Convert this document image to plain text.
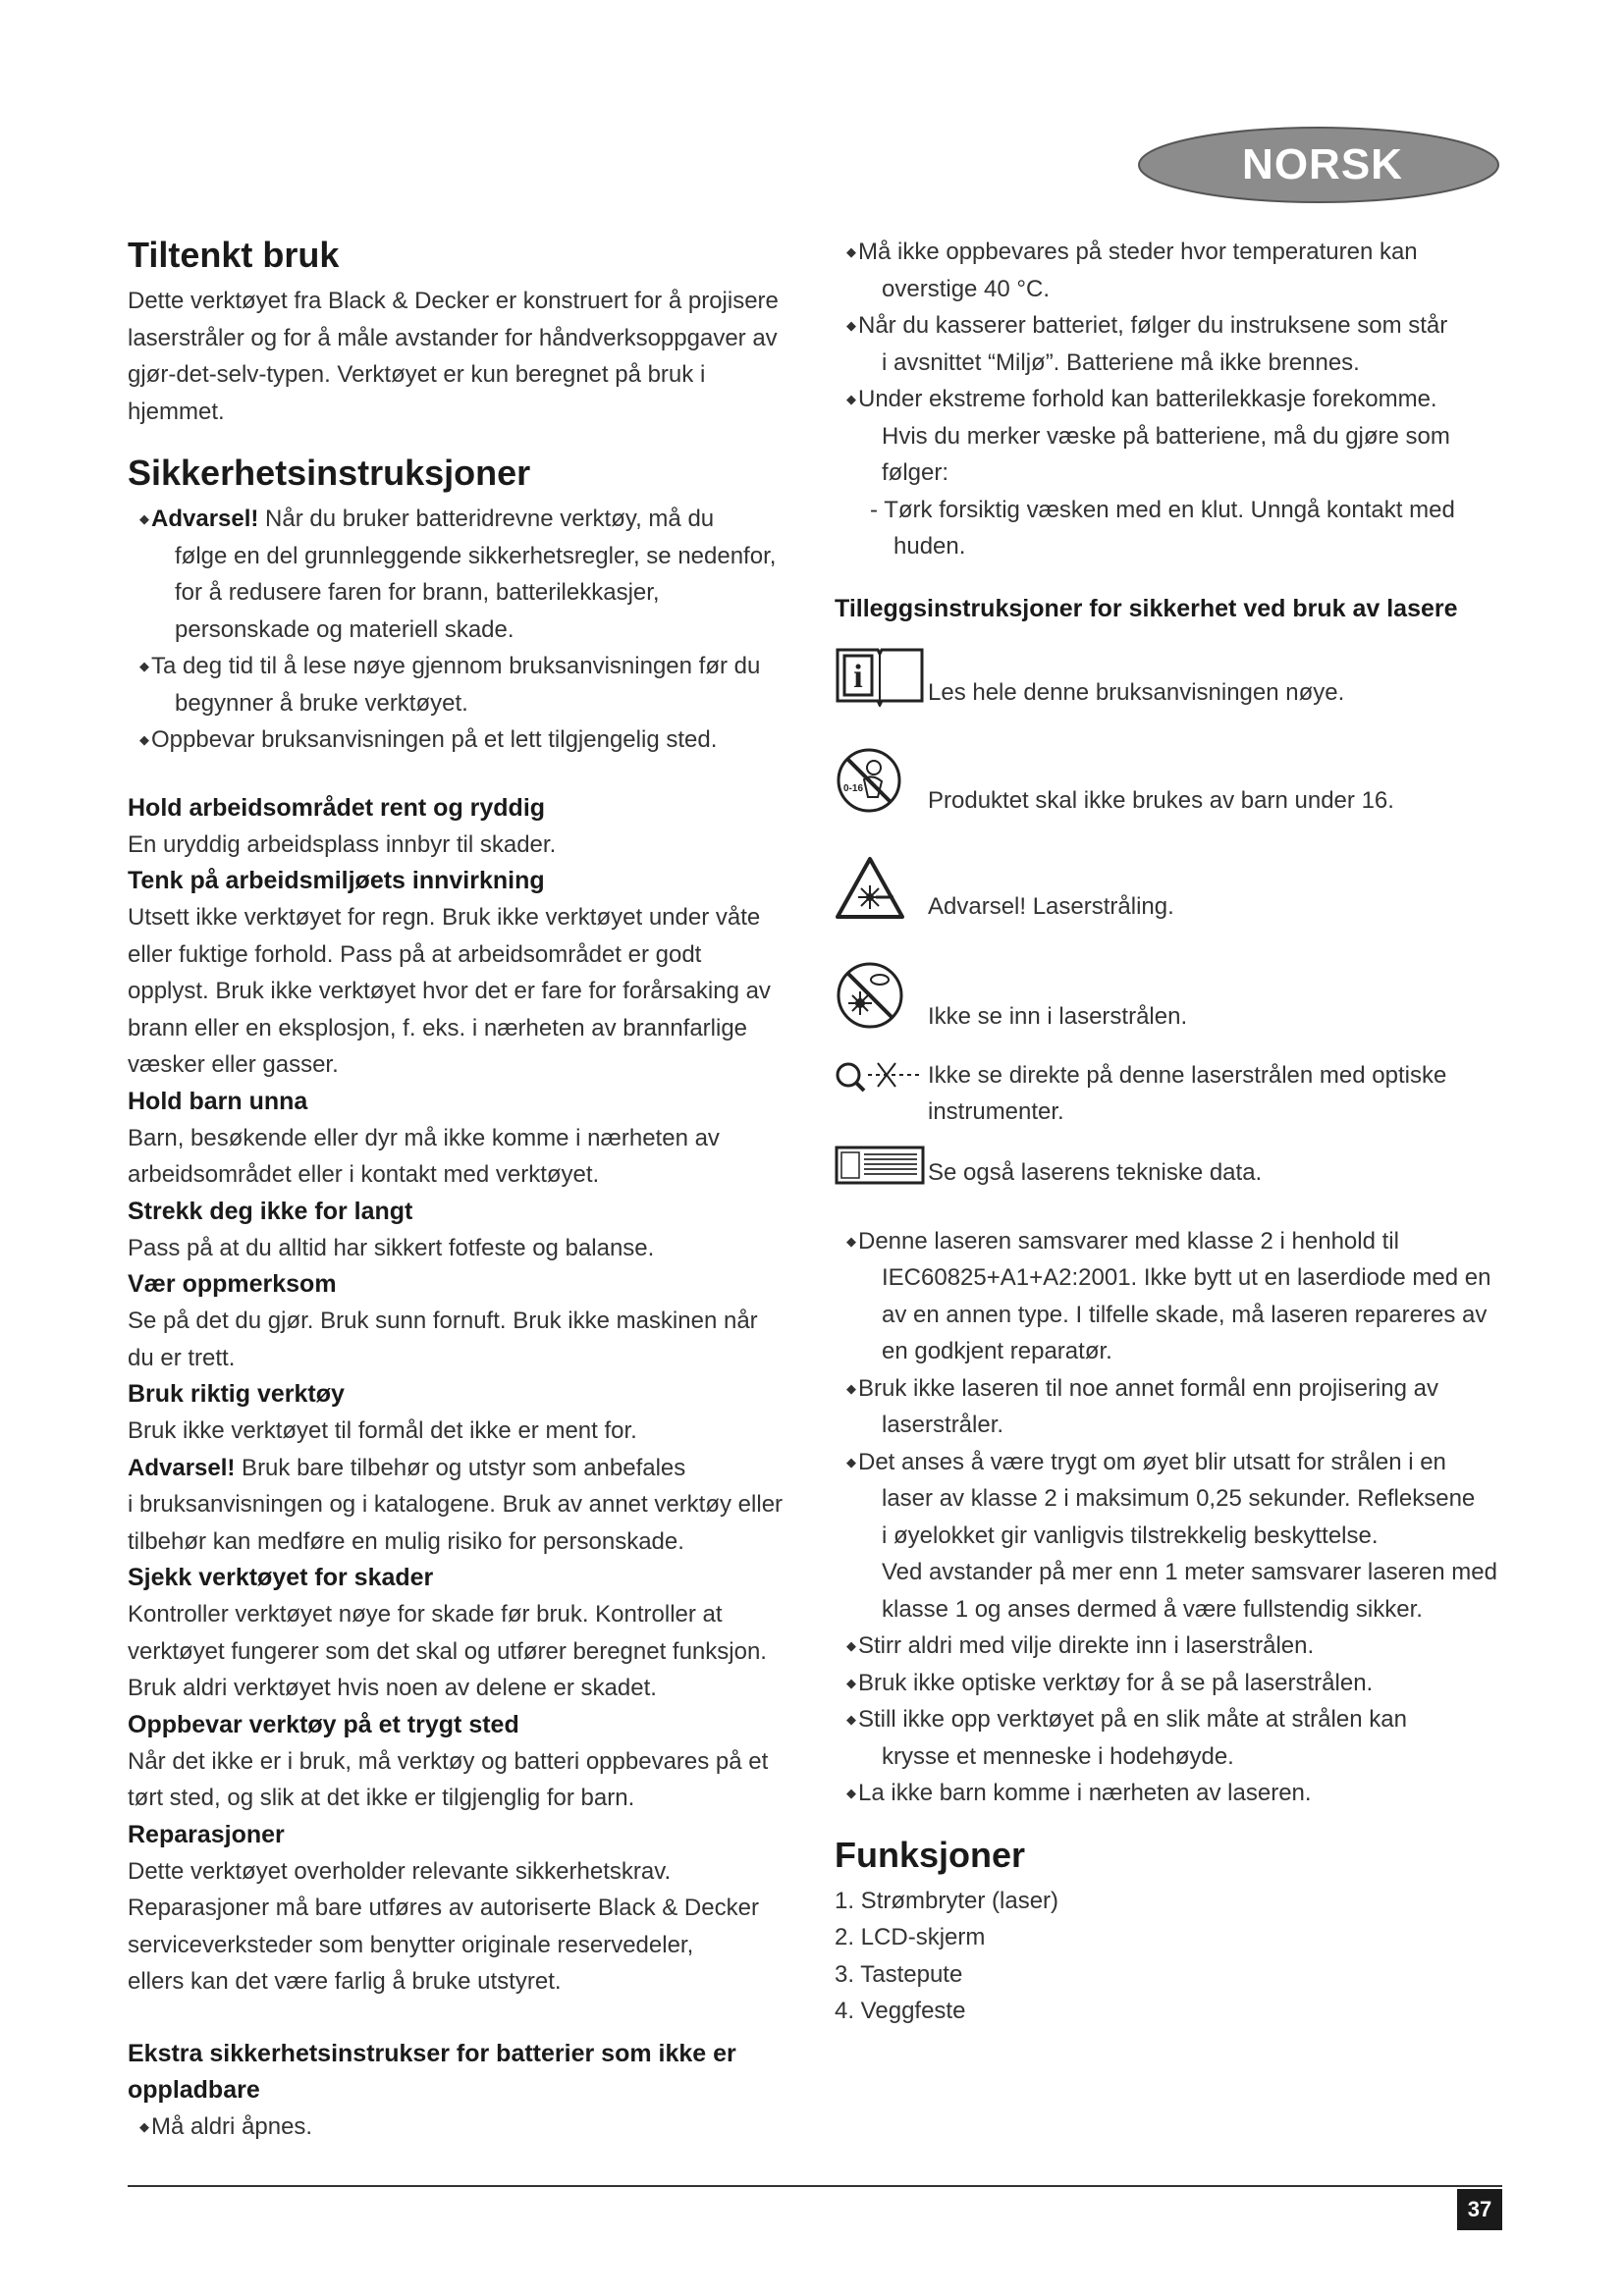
NORSK
Tiltenkt bruk

Dette verktøyet fra Black & Decker er konstruert for å projisere

laserstråler og for å måle avstander for håndverksoppgaver av

gjør-det-selv-typen. Verktøyet er kun beregnet på bruk i hjemmet.

Sikkerhetsinstruksjoner
◆ Advarsel! Når du bruker batteridrevne verktøy, må du
følge en del grunnleggende sikkerhetsregler, se nedenfor,
for å redusere faren for brann, batterilekkasjer,
personskade og materiell skade.
◆ Ta deg tid til å lese nøye gjennom bruksanvisningen før du
begynner å bruke verktøyet.
◆ Oppbevar bruksanvisningen på et lett tilgjengelig sted.
Hold arbeidsområdet rent og ryddig

En uryddig arbeidsplass innbyr til skader.

Tenk på arbeidsmiljøets innvirkning

Utsett ikke verktøyet for regn. Bruk ikke verktøyet under våte

eller fuktige forhold. Pass på at arbeidsområdet er godt

opplyst. Bruk ikke verktøyet hvor det er fare for forårsaking av

brann eller en eksplosjon, f. eks. i nærheten av brannfarlige

væsker eller gasser.

Hold barn unna

Barn, besøkende eller dyr må ikke komme i nærheten av

arbeidsområdet eller i kontakt med verktøyet.

Strekk deg ikke for langt

Pass på at du alltid har sikkert fotfeste og balanse.

Vær oppmerksom

Se på det du gjør. Bruk sunn fornuft. Bruk ikke maskinen når

du er trett.

Bruk riktig verktøy

Bruk ikke verktøyet til formål det ikke er ment for.

Advarsel! Bruk bare tilbehør og utstyr som anbefales

i bruksanvisningen og i katalogene. Bruk av annet verktøy eller

tilbehør kan medføre en mulig risiko for personskade.

Sjekk verktøyet for skader

Kontroller verktøyet nøye for skade før bruk. Kontroller at

verktøyet fungerer som det skal og utfører beregnet funksjon.

Bruk aldri verktøyet hvis noen av delene er skadet.

Oppbevar verktøy på et trygt sted

Når det ikke er i bruk, må verktøy og batteri oppbevares på et

tørt sted, og slik at det ikke er tilgjenglig for barn.

Reparasjoner

Dette verktøyet overholder relevante sikkerhetskrav.

Reparasjoner må bare utføres av autoriserte Black & Decker

serviceverksteder som benytter originale reservedeler,

ellers kan det være farlig å bruke utstyret.

Ekstra sikkerhetsinstrukser for batterier som ikke er
oppladbare
◆ Må aldri åpnes.
◆ Må ikke oppbevares på steder hvor temperaturen kan
overstige 40 °C.
◆ Når du kasserer batteriet, følger du instruksene som står
i avsnittet “Miljø”. Batteriene må ikke brennes.
◆ Under ekstreme forhold kan batterilekkasje forekomme.
Hvis du merker væske på batteriene, må du gjøre som
følger:
- Tørk forsiktig væsken med en klut. Unngå kontakt med
huden.
Tilleggsinstruksjoner for sikkerhet ved bruk av lasere
i	Les hele denne bruksanvisningen nøye.
0-16	Produktet skal ikke brukes av barn under 16.
Advarsel! Laserstråling.
Ikke se inn i laserstrålen.
Ikke se direkte på denne laserstrålen med optiske
instrumenter.
Se også laserens tekniske data.
◆ Denne laseren samsvarer med klasse 2 i henhold til
IEC60825+A1+A2:2001. Ikke bytt ut en laserdiode med en
av en annen type. I tilfelle skade, må laseren repareres av
en godkjent reparatør.
◆ Bruk ikke laseren til noe annet formål enn projisering av
laserstråler.
◆ Det anses å være trygt om øyet blir utsatt for strålen i en
laser av klasse 2 i maksimum 0,25 sekunder. Refleksene
i øyelokket gir vanligvis tilstrekkelig beskyttelse.
Ved avstander på mer enn 1 meter samsvarer laseren med
klasse 1 og anses dermed å være fullstendig sikker.
◆ Stirr aldri med vilje direkte inn i laserstrålen.
◆ Bruk ikke optiske verktøy for å se på laserstrålen.
◆ Still ikke opp verktøyet på en slik måte at strålen kan
krysse et menneske i hodehøyde.
◆ La ikke barn komme i nærheten av laseren.
Funksjoner
1. Strømbryter (laser)
2. LCD-skjerm
3. Tastepute
4. Veggfeste
37
